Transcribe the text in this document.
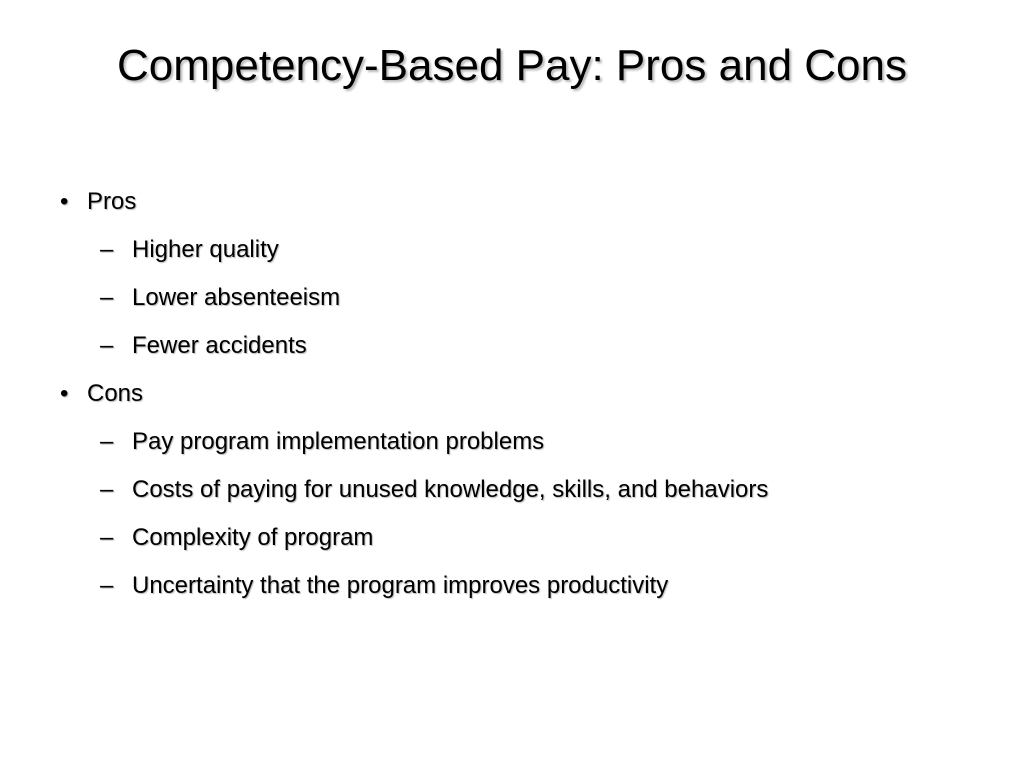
Competency-Based Pay: Pros and Cons
• Pros
– Higher quality
– Lower absenteeism
– Fewer accidents
• Cons
– Pay program implementation problems
– Costs of paying for unused knowledge, skills, and behaviors
– Complexity of program
– Uncertainty that the program improves productivity
